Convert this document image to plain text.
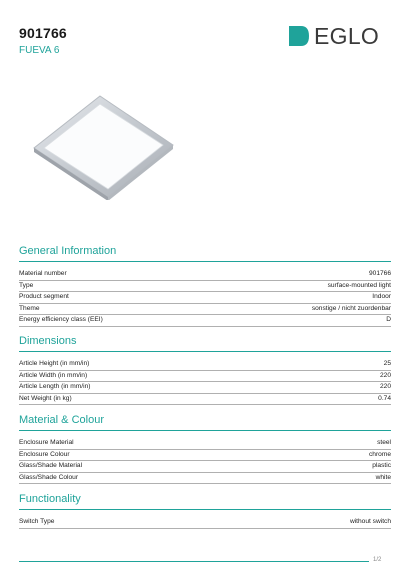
901766
FUEVA 6
EGLO
General Information
Material number	901766
Type	surface-mounted light
Product segment	Indoor
Theme	sonstige / nicht zuordenbar
Energy efficiency class (EEI)	D
Dimensions
Article Height (in mm/in)	25
Article Width (in mm/in)	220
Article Length (in mm/in)	220
Net Weight (in kg)	0.74
Material & Colour
Enclosure Material	steel
Enclosure Colour	chrome
Glass/Shade Material	plastic
Glass/Shade Colour	white
Functionality
Switch Type	without switch
1/2
